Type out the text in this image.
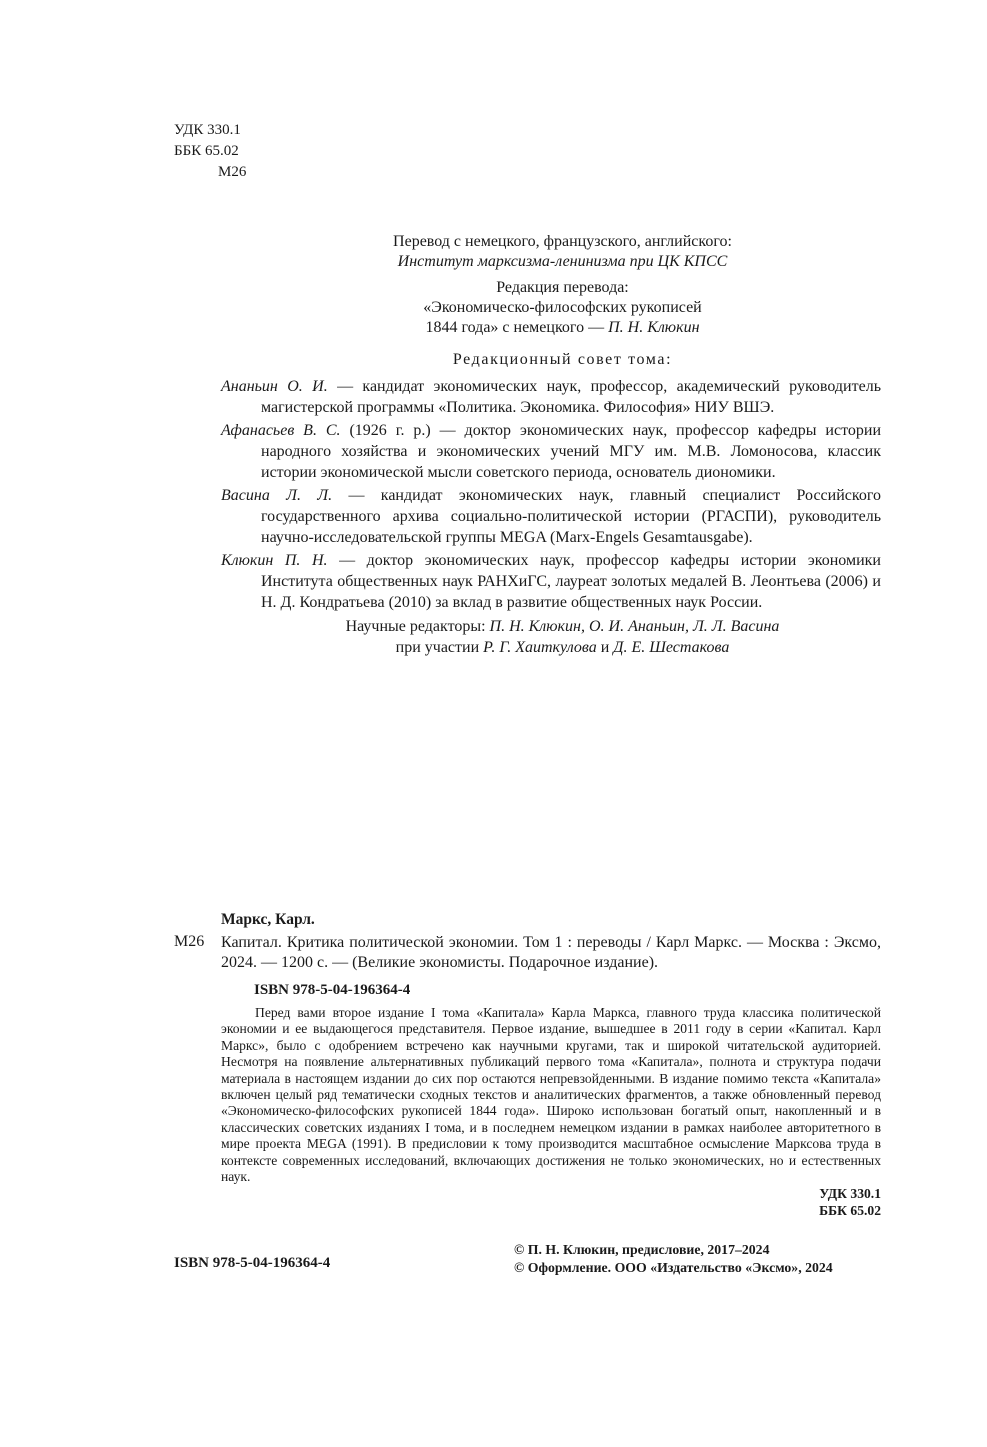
УДК 330.1
ББК 65.02
М26
Перевод с немецкого, французского, английского:
Институт марксизма-ленинизма при ЦК КПСС
Редакция перевода:
«Экономическо-философских рукописей
1844 года» с немецкого — П. Н. Клюкин
Редакционный совет тома:
Ананьин О. И. — кандидат экономических наук, профессор, академический руководитель магистерской программы «Политика. Экономика. Философия» НИУ ВШЭ.
Афанасьев В. С. (1926 г. р.) — доктор экономических наук, профессор кафедры истории народного хозяйства и экономических учений МГУ им. М.В. Ломоносова, классик истории экономической мысли советского периода, основатель диономики.
Васина Л. Л. — кандидат экономических наук, главный специалист Российского государственного архива социально-политической истории (РГАСПИ), руководитель научно-исследовательской группы MEGA (Marx-Engels Gesamtausgabe).
Клюкин П. Н. — доктор экономических наук, профессор кафедры истории экономики Института общественных наук РАНХиГС, лауреат золотых медалей В. Леонтьева (2006) и Н. Д. Кондратьева (2010) за вклад в развитие общественных наук России.
Научные редакторы: П. Н. Клюкин, О. И. Ананьин, Л. Л. Васина
при участии Р. Г. Хаиткулова и Д. Е. Шестакова
Маркс, Карл.
М26 Капитал. Критика политической экономии. Том 1 : переводы / Карл Маркс. — Москва : Эксмо, 2024. — 1200 с. — (Великие экономисты. Подарочное издание).
ISBN 978-5-04-196364-4
Перед вами второе издание I тома «Капитала» Карла Маркса, главного труда классика политической экономии и ее выдающегося представителя. Первое издание, вышедшее в 2011 году в серии «Капитал. Карл Маркс», было с одобрением встречено как научными кругами, так и широкой читательской аудиторией. Несмотря на появление альтернативных публикаций первого тома «Капитала», полнота и структура подачи материала в настоящем издании до сих пор остаются непревзойденными. В издание помимо текста «Капитала» включен целый ряд тематически сходных текстов и аналитических фрагментов, а также обновленный перевод «Экономическо-философских рукописей 1844 года». Широко использован богатый опыт, накопленный и в классических советских изданиях I тома, и в последнем немецком издании в рамках наиболее авторитетного в мире проекта MEGA (1991). В предисловии к тому производится масштабное осмысление Марксова труда в контексте современных исследований, включающих достижения не только экономических, но и естественных наук.
УДК 330.1
ББК 65.02
ISBN 978-5-04-196364-4
© П. Н. Клюкин, предисловие, 2017–2024
© Оформление. ООО «Издательство «Эксмо», 2024
